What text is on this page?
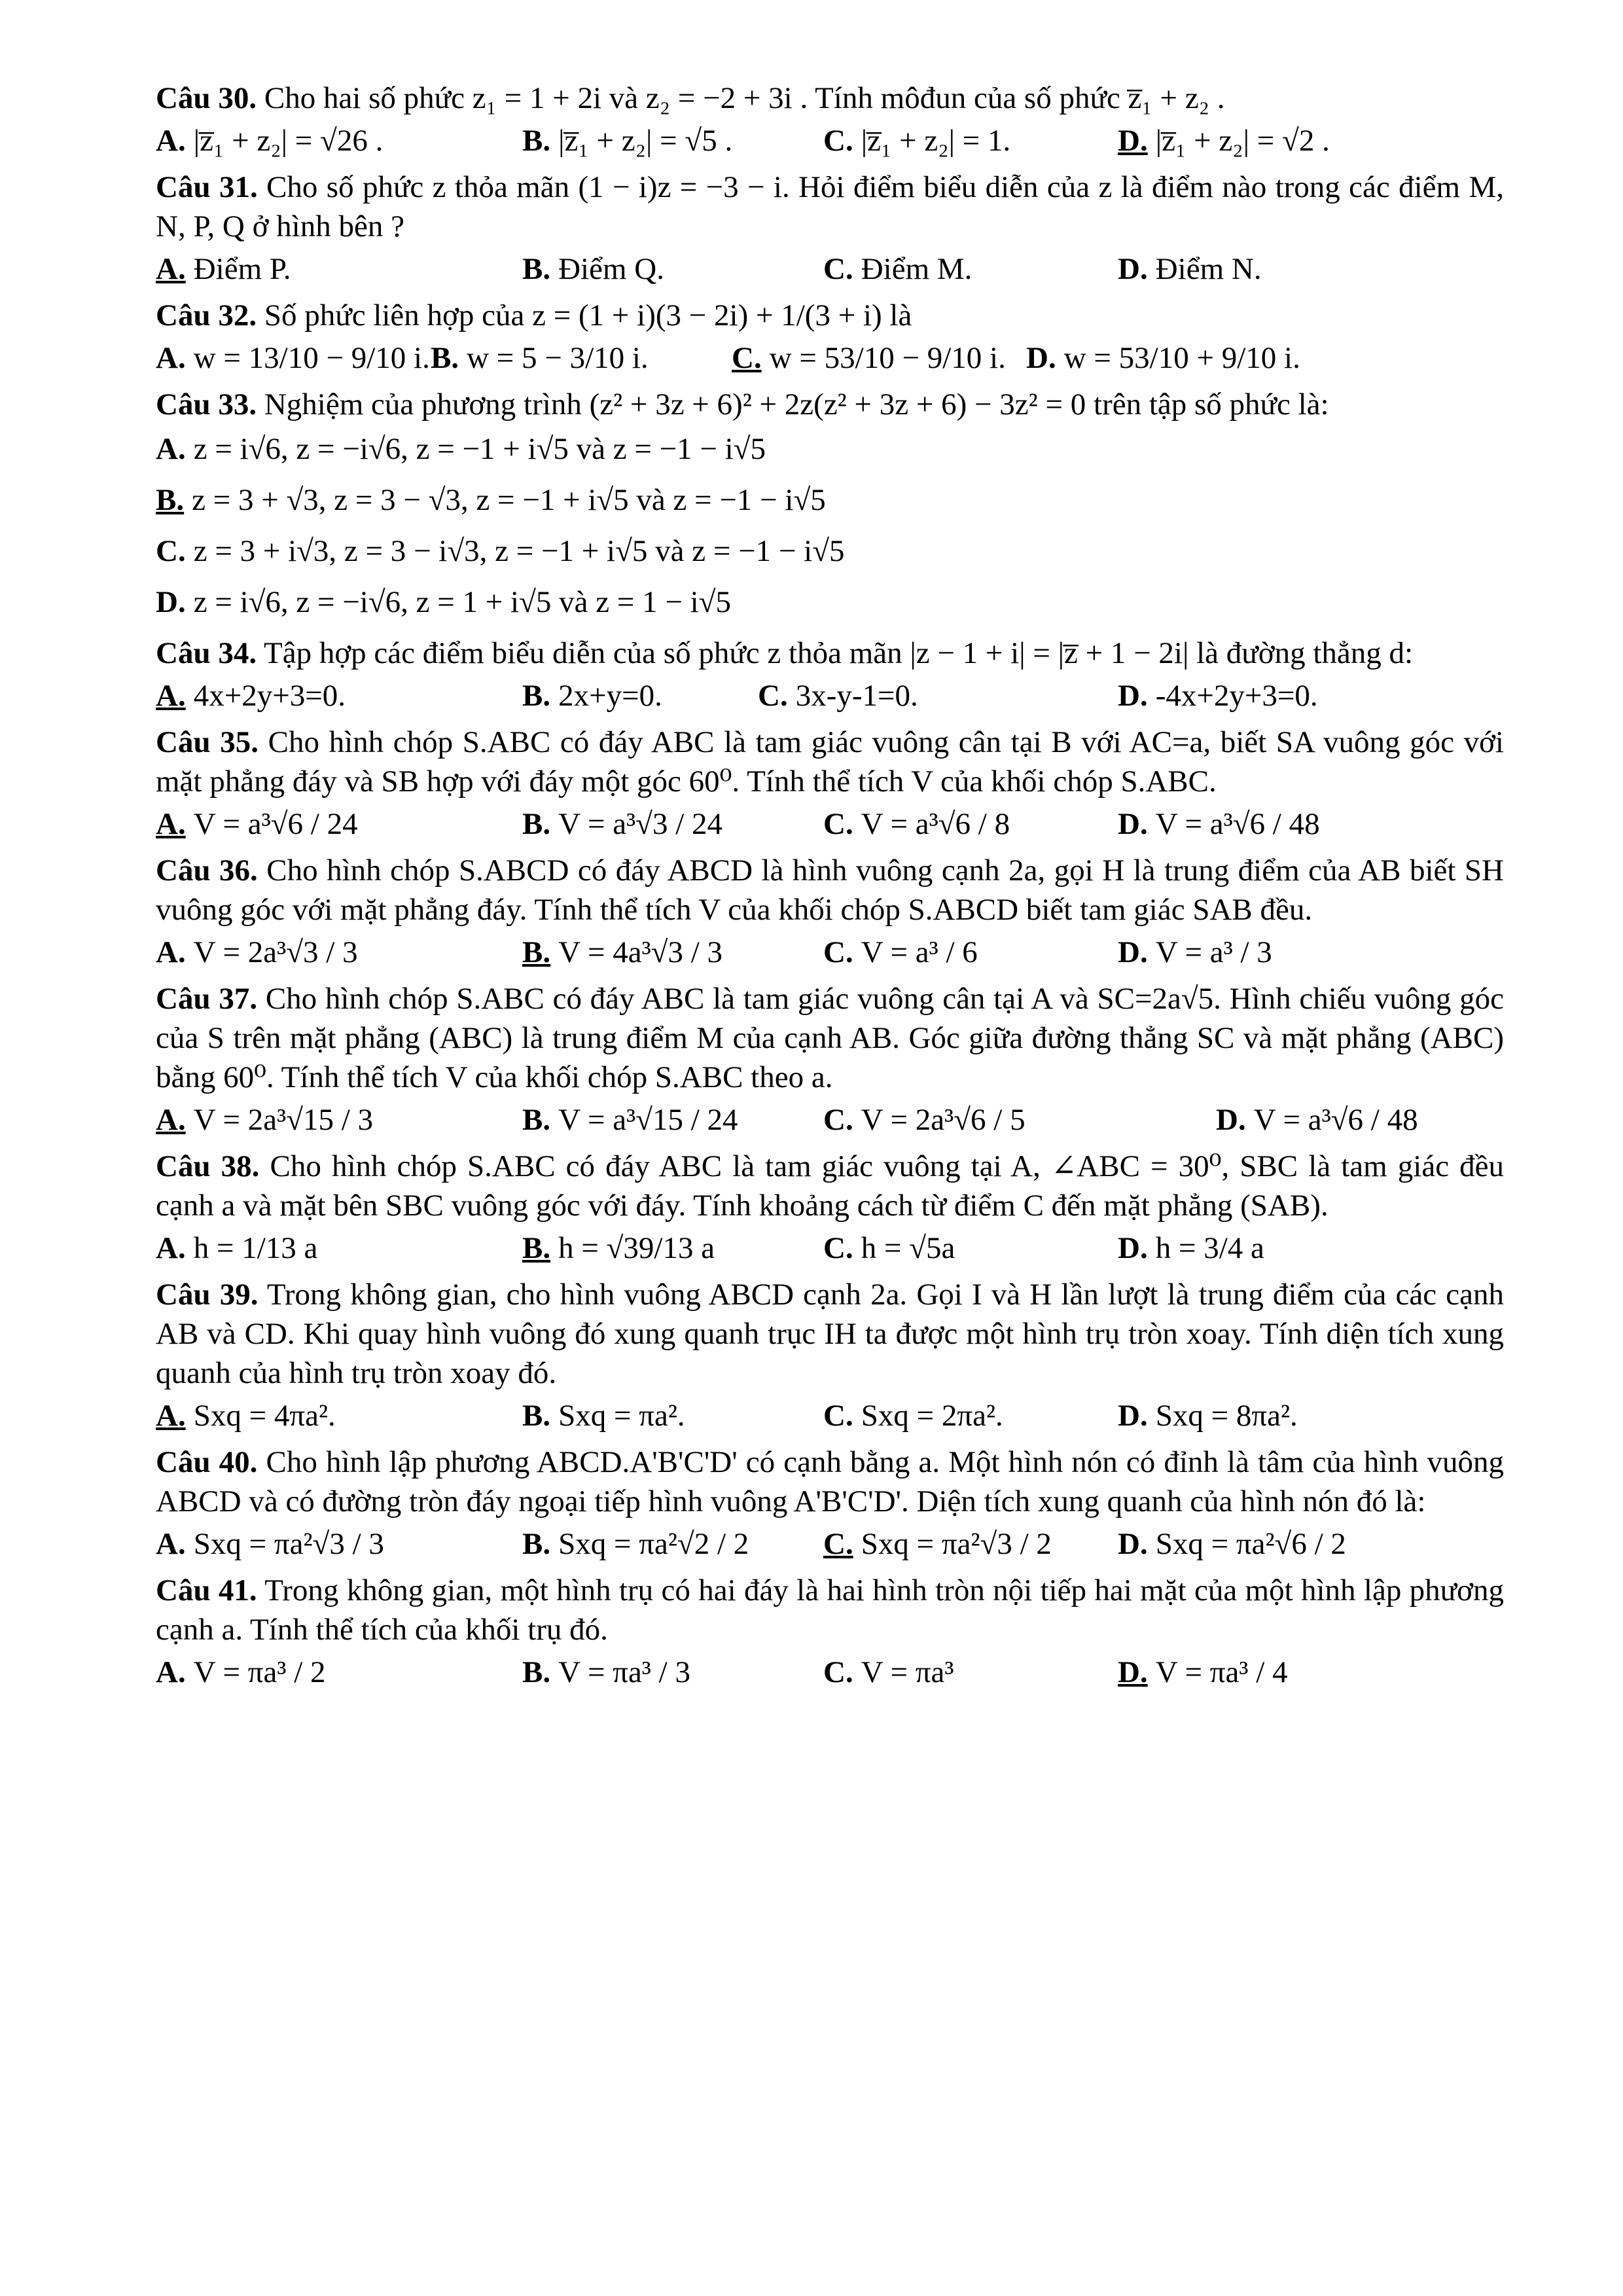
Câu 30. Cho hai số phức z₁ = 1 + 2i và z₂ = −2 + 3i . Tính môđun của số phức z̅₁ + z₂ .

A. |z̅₁ + z₂| = √26 .	B. |z̅₁ + z₂| = √5 .	C. |z̅₁ + z₂| = 1.	D. |z̅₁ + z₂| = √2 .

Câu 31. Cho số phức z thỏa mãn (1 − i)z = −3 − i. Hỏi điểm biểu diễn của z là điểm nào trong các điểm M, N, P, Q ở hình bên ?

A. Điểm P.	B. Điểm Q.	C. Điểm M.	D. Điểm N.

Câu 32. Số phức liên hợp của z = (1 + i)(3 − 2i) + 1/(3 + i) là

A. w = 13/10 − 9/10 i. B. w = 5 − 3/10 i.	C. w = 53/10 − 9/10 i. D. w = 53/10 + 9/10 i.

Câu 33. Nghiệm của phương trình (z² + 3z + 6)² + 2z(z² + 3z + 6) − 3z² = 0 trên tập số phức là:

A. z = i√6, z = −i√6, z = −1 + i√5 và z = −1 − i√5
B. z = 3 + √3, z = 3 − √3, z = −1 + i√5 và z = −1 − i√5
C. z = 3 + i√3, z = 3 − i√3, z = −1 + i√5 và z = −1 − i√5
D. z = i√6, z = −i√6, z = 1 + i√5 và z = 1 − i√5

Câu 34. Tập hợp các điểm biểu diễn của số phức z thỏa mãn |z − 1 + i| = |z̅ + 1 − 2i| là đường thẳng d:

A. 4x+2y+3=0.	B. 2x+y=0.	C. 3x-y-1=0.	D. -4x+2y+3=0.

Câu 35. Cho hình chóp S.ABC có đáy ABC là tam giác vuông cân tại B với AC=a, biết SA vuông góc với mặt phẳng đáy và SB hợp với đáy một góc 60⁰. Tính thể tích V của khối chóp S.ABC.

A. V = a³√6 / 24	B. V = a³√3 / 24	C. V = a³√6 / 8	D. V = a³√6 / 48

Câu 36. Cho hình chóp S.ABCD có đáy ABCD là hình vuông cạnh 2a, gọi H là trung điểm của AB biết SH vuông góc với mặt phẳng đáy. Tính thể tích V của khối chóp S.ABCD biết tam giác SAB đều.

A. V = 2a³√3 / 3	B. V = 4a³√3 / 3	C. V = a³ / 6	D. V = a³ / 3

Câu 37. Cho hình chóp S.ABC có đáy ABC là tam giác vuông cân tại A và SC=2a√5. Hình chiếu vuông góc của S trên mặt phẳng (ABC) là trung điểm M của cạnh AB. Góc giữa đường thẳng SC và mặt phẳng (ABC) bằng 60⁰. Tính thể tích V của khối chóp S.ABC theo a.

A. V = 2a³√15 / 3	B. V = a³√15 / 24	C. V = 2a³√6 / 5	D. V = a³√6 / 48

Câu 38. Cho hình chóp S.ABC có đáy ABC là tam giác vuông tại A, ∠ABC = 30⁰, SBC là tam giác đều cạnh a và mặt bên SBC vuông góc với đáy. Tính khoảng cách từ điểm C đến mặt phẳng (SAB).

A. h = 1/13 a	B. h = √39/13 a	C. h = √5a	D. h = 3/4 a

Câu 39. Trong không gian, cho hình vuông ABCD cạnh 2a. Gọi I và H lần lượt là trung điểm của các cạnh AB và CD. Khi quay hình vuông đó xung quanh trục IH ta được một hình trụ tròn xoay. Tính diện tích xung quanh của hình trụ tròn xoay đó.

A. Sxq = 4πa².	B. Sxq = πa².	C. Sxq = 2πa².	D. Sxq = 8πa².

Câu 40. Cho hình lập phương ABCD.A'B'C'D' có cạnh bằng a. Một hình nón có đỉnh là tâm của hình vuông ABCD và có đường tròn đáy ngoại tiếp hình vuông A'B'C'D'. Diện tích xung quanh của hình nón đó là:

A. Sxq = πa²√3 / 3	B. Sxq = πa²√2 / 2 C. Sxq = πa²√3 / 2 D. Sxq = πa²√6 / 2

Câu 41. Trong không gian, một hình trụ có hai đáy là hai hình tròn nội tiếp hai mặt của một hình lập phương cạnh a. Tính thể tích của khối trụ đó.

A. V = πa³ / 2	B. V = πa³ / 3	C. V = πa³	D. V = πa³ / 4
